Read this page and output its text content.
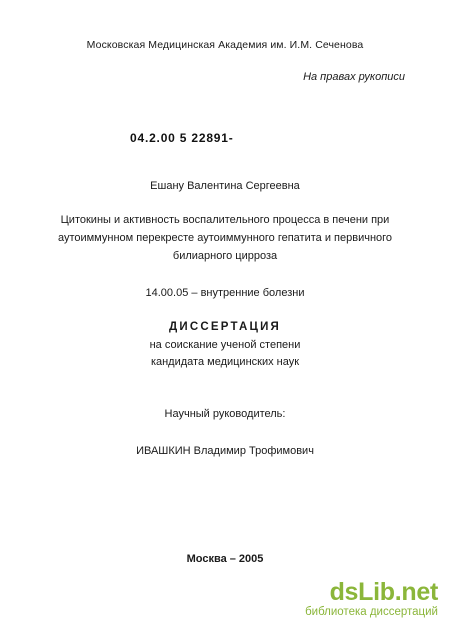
Московская Медицинская Академия им. И.М. Сеченова
На правах рукописи
04.2.00 5 22891-
Ешану Валентина Сергеевна
Цитокины и активность воспалительного процесса в печени при
аутоиммунном перекресте аутоиммунного гепатита и первичного
билиарного цирроза
14.00.05 – внутренние болезни
ДИССЕРТАЦИЯ
на соискание ученой степени
кандидата медицинских наук
Научный руководитель:
ИВАШКИН Владимир Трофимович
Москва – 2005
dsLib.net
библиотека диссертаций
